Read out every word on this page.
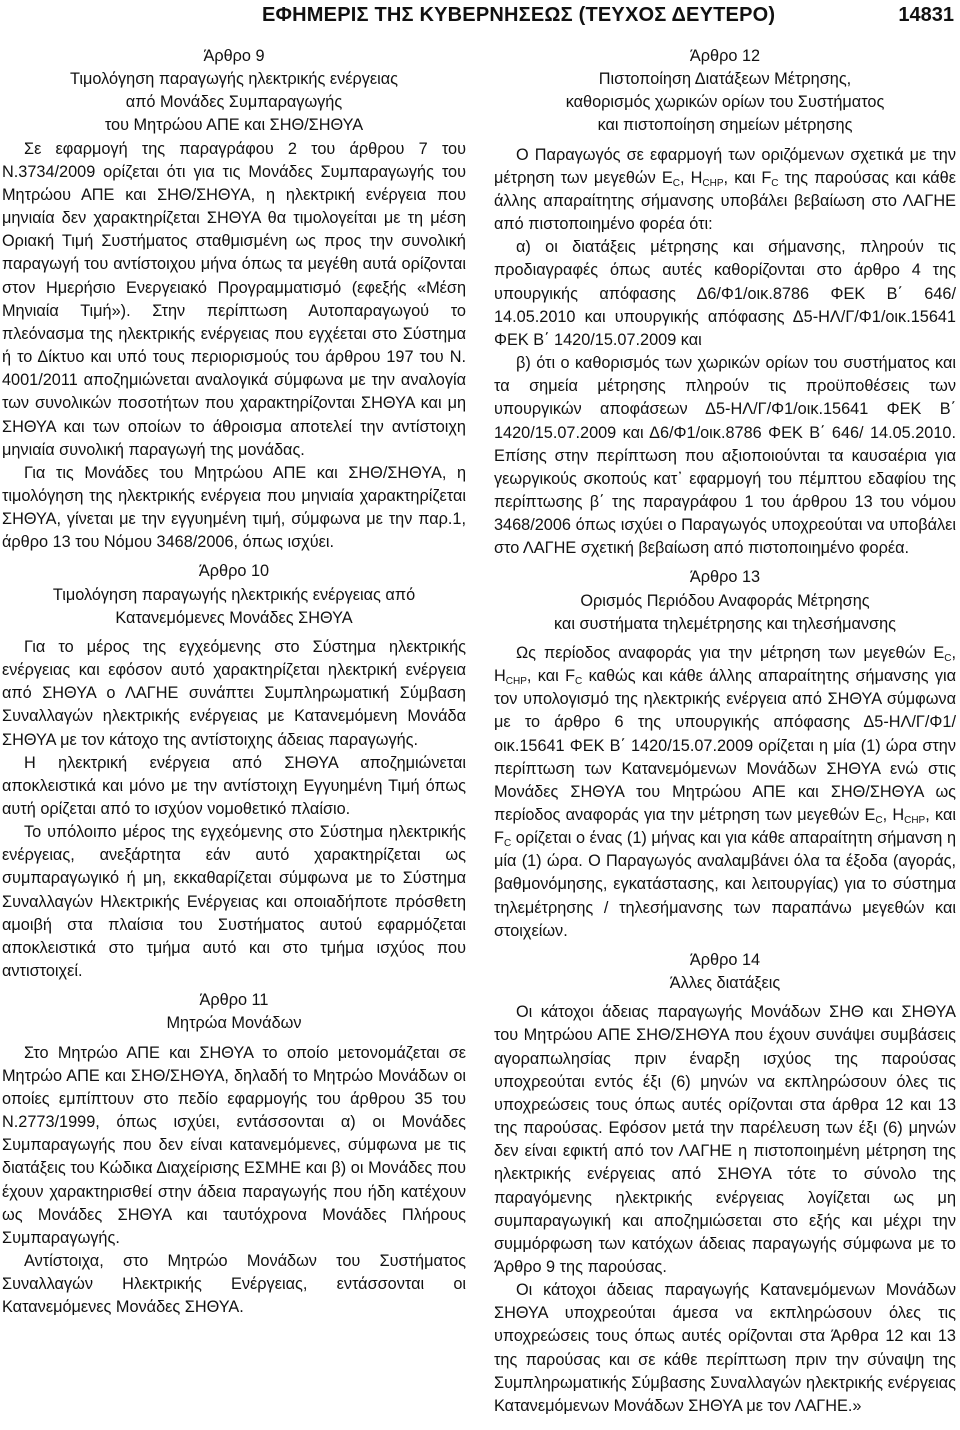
ΕΦΗΜΕΡΙΣ ΤΗΣ ΚΥΒΕΡΝΗΣΕΩΣ (ΤΕΥΧΟΣ ΔΕΥΤΕΡΟ)	14831

Άρθρο 9

Τιμολόγηση παραγωγής ηλεκτρικής ενέργειας

από Μονάδες Συμπαραγωγής

του Μητρώου ΑΠΕ και ΣΗΘ/ΣΗΘΥΑ

Σε εφαρμογή της παραγράφου 2 του άρθρου 7 του Ν.3734/2009 ορίζεται ότι για τις Μονάδες Συμπαραγωγής του Μητρώου ΑΠΕ και ΣΗΘ/ΣΗΘΥΑ, η ηλεκτρική ενέργεια που μηνιαία δεν χαρακτηρίζεται ΣΗΘΥΑ θα τιμολογείται με τη μέση Οριακή Τιμή Συστήματος σταθμισμένη ως προς την συνολική παραγωγή του αντίστοιχου μήνα όπως τα μεγέθη αυτά ορίζονται στον Ημερήσιο Ενεργειακό Προγραμματισμό (εφεξής «Μέση Μηνιαία Τιμή»). Στην περίπτωση Αυτοπαραγωγού το πλεόνασμα της ηλεκτρικής ενέργειας που εγχέεται στο Σύστημα ή το Δίκτυο και υπό τους περιορισμούς του άρθρου 197 του Ν. 4001/2011 αποζημιώνεται αναλογικά σύμφωνα με την αναλογία των συνολικών ποσοτήτων που χαρακτηρίζονται ΣΗΘΥΑ και μη ΣΗΘΥΑ και των οποίων το άθροισμα αποτελεί την αντίστοιχη μηνιαία συνολική παραγωγή της μονάδας.

Για τις Μονάδες του Μητρώου ΑΠΕ και ΣΗΘ/ΣΗΘΥΑ, η τιμολόγηση της ηλεκτρικής ενέργεια που μηνιαία χαρακτηρίζεται ΣΗΘΥΑ, γίνεται με την εγγυημένη τιμή, σύμφωνα με την παρ.1, άρθρο 13 του Νόμου 3468/2006, όπως ισχύει.

Άρθρο 10

Τιμολόγηση παραγωγής ηλεκτρικής ενέργειας από

Κατανεμόμενες Μονάδες ΣΗΘΥΑ

Για το μέρος της εγχεόμενης στο Σύστημα ηλεκτρικής ενέργειας και εφόσον αυτό χαρακτηρίζεται ηλεκτρική ενέργεια από ΣΗΘΥΑ ο ΛΑΓΗΕ συνάπτει Συμπληρωματική Σύμβαση Συναλλαγών ηλεκτρικής ενέργειας με Κατανεμόμενη Μονάδα ΣΗΘΥΑ με τον κάτοχο της αντίστοιχης άδειας παραγωγής.

Η ηλεκτρική ενέργεια από ΣΗΘΥΑ αποζημιώνεται αποκλειστικά και μόνο με την αντίστοιχη Εγγυημένη Τιμή όπως αυτή ορίζεται από το ισχύον νομοθετικό πλαίσιο.

Το υπόλοιπο μέρος της εγχεόμενης στο Σύστημα ηλεκτρικής ενέργειας, ανεξάρτητα εάν αυτό χαρακτηρίζεται ως συμπαραγωγικό ή μη, εκκαθαρίζεται σύμφωνα με το Σύστημα Συναλλαγών Ηλεκτρικής Ενέργειας και οποιαδήποτε πρόσθετη αμοιβή στα πλαίσια του Συστήματος αυτού εφαρμόζεται αποκλειστικά στο τμήμα αυτό και στο τμήμα ισχύος που αντιστοιχεί.

Άρθρο 11

Μητρώα Μονάδων

Στο Μητρώο ΑΠΕ και ΣΗΘΥΑ το οποίο μετονομάζεται σε Μητρώο ΑΠΕ και ΣΗΘ/ΣΗΘΥΑ, δηλαδή το Μητρώο Μονάδων οι οποίες εμπίπτουν στο πεδίο εφαρμογής του άρθρου 35 του Ν.2773/1999, όπως ισχύει, εντάσσονται α) οι Μονάδες Συμπαραγωγής που δεν είναι κατανεμόμενες, σύμφωνα με τις διατάξεις του Κώδικα Διαχείρισης ΕΣΜΗΕ και β) οι Μονάδες που έχουν χαρακτηρισθεί στην άδεια παραγωγής που ήδη κατέχουν ως Μονάδες ΣΗΘΥΑ και ταυτόχρονα Μονάδες Πλήρους Συμπαραγωγής.

Αντίστοιχα, στο Μητρώο Μονάδων του Συστήματος Συναλλαγών Ηλεκτρικής Ενέργειας, εντάσσονται οι Κατανεμόμενες Μονάδες ΣΗΘΥΑ.

Άρθρο 12

Πιστοποίηση Διατάξεων Μέτρησης,

καθορισμός χωρικών ορίων του Συστήματος

και πιστοποίηση σημείων μέτρησης

Ο Παραγωγός σε εφαρμογή των οριζόμενων σχετικά με την μέτρηση των μεγεθών $E_C$, $H_{CHP}$, και $F_C$ της παρούσας και κάθε άλλης απαραίτητης σήμανσης υποβάλει βεβαίωση στο ΛΑΓΗΕ από πιστοποιημένο φορέα ότι:

α) οι διατάξεις μέτρησης και σήμανσης, πληρούν τις προδιαγραφές όπως αυτές καθορίζονται στο άρθρο 4 της υπουργικής απόφασης Δ6/Φ1/οικ.8786 ΦΕΚ Β΄ 646/ 14.05.2010 και υπουργικής απόφασης Δ5-ΗΛ/Γ/Φ1/οικ.15641 ΦΕΚ Β΄ 1420/15.07.2009 και

β) ότι ο καθορισμός των χωρικών ορίων του συστήματος και τα σημεία μέτρησης πληρούν τις προϋποθέσεις των υπουργικών αποφάσεων Δ5-ΗΛ/Γ/Φ1/οικ.15641 ΦΕΚ Β΄ 1420/15.07.2009 και Δ6/Φ1/οικ.8786 ΦΕΚ Β΄ 646/ 14.05.2010. Επίσης στην περίπτωση που αξιοποιούνται τα καυσαέρια για γεωργικούς σκοπούς κατ᾽ εφαρμογή του πέμπτου εδαφίου της περίπτωσης β΄ της παραγράφου 1 του άρθρου 13 του νόμου 3468/2006 όπως ισχύει ο Παραγωγός υποχρεούται να υποβάλει στο ΛΑΓΗΕ σχετική βεβαίωση από πιστοποιημένο φορέα.

Άρθρο 13

Ορισμός Περιόδου Αναφοράς Μέτρησης

και συστήματα τηλεμέτρησης και τηλεσήμανσης

Ως περίοδος αναφοράς για την μέτρηση των μεγεθών $E_C$, $H_{CHP}$, και $F_C$ καθώς και κάθε άλλης απαραίτητης σήμανσης για τον υπολογισμό της ηλεκτρικής ενέργεια από ΣΗΘΥΑ σύμφωνα με το άρθρο 6 της υπουργικής απόφασης Δ5-ΗΛ/Γ/Φ1/οικ.15641 ΦΕΚ Β΄ 1420/15.07.2009 ορίζεται η μία (1) ώρα στην περίπτωση των Κατανεμόμενων Μονάδων ΣΗΘΥΑ ενώ στις Μονάδες ΣΗΘΥΑ του Μητρώου ΑΠΕ και ΣΗΘ/ΣΗΘΥΑ ως περίοδος αναφοράς για την μέτρηση των μεγεθών $E_C$, $H_{CHP}$, και $F_C$ ορίζεται ο ένας (1) μήνας και για κάθε απαραίτητη σήμανση η μία (1) ώρα. Ο Παραγωγός αναλαμβάνει όλα τα έξοδα (αγοράς, βαθμονόμησης, εγκατάστασης, και λειτουργίας) για το σύστημα τηλεμέτρησης / τηλεσήμανσης των παραπάνω μεγεθών και στοιχείων.

Άρθρο 14

Άλλες διατάξεις

Οι κάτοχοι άδειας παραγωγής Μονάδων ΣΗΘ και ΣΗΘΥΑ του Μητρώου ΑΠΕ ΣΗΘ/ΣΗΘΥΑ που έχουν συνάψει συμβάσεις αγοραπωλησίας πριν έναρξη ισχύος της παρούσας υποχρεούται εντός έξι (6) μηνών να εκπληρώσουν όλες τις υποχρεώσεις τους όπως αυτές ορίζονται στα άρθρα 12 και 13 της παρούσας. Εφόσον μετά την παρέλευση των έξι (6) μηνών δεν είναι εφικτή από τον ΛΑΓΗΕ η πιστοποιημένη μέτρηση της ηλεκτρικής ενέργειας από ΣΗΘΥΑ τότε το σύνολο της παραγόμενης ηλεκτρικής ενέργειας λογίζεται ως μη συμπαραγωγική και αποζημιώσεται στο εξής και μέχρι την συμμόρφωση των κατόχων άδειας παραγωγής σύμφωνα με το Άρθρο 9 της παρούσας.

Οι κάτοχοι άδειας παραγωγής Κατανεμόμενων Μονάδων ΣΗΘΥΑ υποχρεούται άμεσα να εκπληρώσουν όλες τις υποχρεώσεις τους όπως αυτές ορίζονται στα Άρθρα 12 και 13 της παρούσας και σε κάθε περίπτωση πριν την σύναψη της Συμπληρωματικής Σύμβασης Συναλλαγών ηλεκτρικής ενέργειας Κατανεμόμενων Μονάδων ΣΗΘΥΑ με τον ΛΑΓΗΕ.»
